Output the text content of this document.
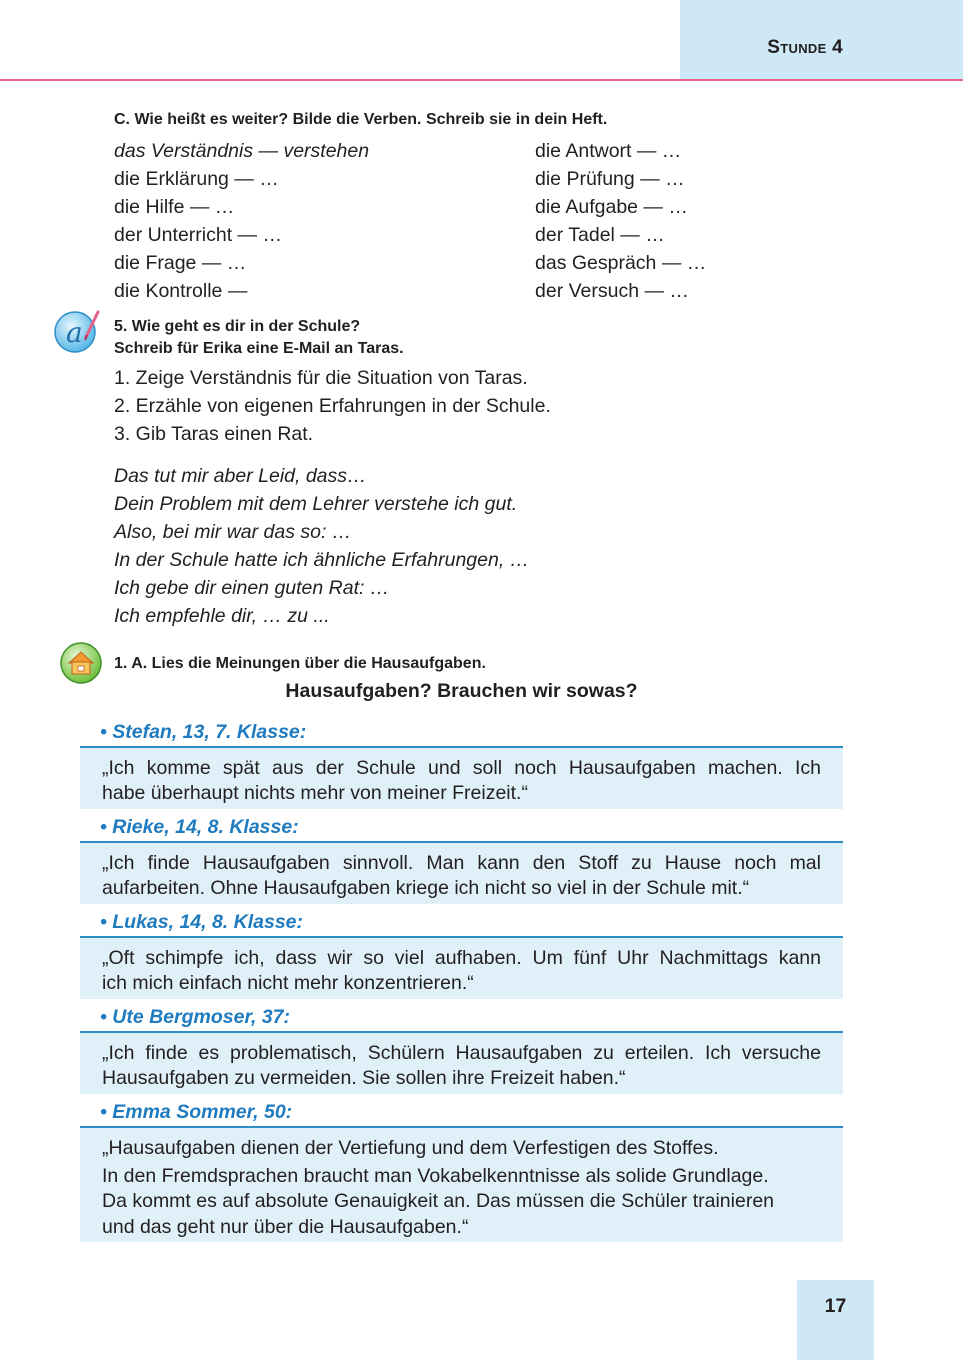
Stunde 4
C. Wie heißt es weiter? Bilde die Verben. Schreib sie in dein Heft.
das Verständnis — verstehen
die Erklärung — …
die Hilfe — …
der Unterricht — …
die Frage — …
die Kontrolle —
die Antwort — …
die Prüfung — …
die Aufgabe — …
der Tadel — …
das Gespräch — …
der Versuch — …
a 5. Wie geht es dir in der Schule?
Schreib für Erika eine E-Mail an Taras.
1. Zeige Verständnis für die Situation von Taras.
2. Erzähle von eigenen Erfahrungen in der Schule.
3. Gib Taras einen Rat.
Das tut mir aber Leid, dass…
Dein Problem mit dem Lehrer verstehe ich gut.
Also, bei mir war das so: …
In der Schule hatte ich ähnliche Erfahrungen, …
Ich gebe dir einen guten Rat: …
Ich empfehle dir, … zu ...
1. A. Lies die Meinungen über die Hausaufgaben.
Hausaufgaben? Brauchen wir sowas?
• Stefan, 13, 7. Klasse:
„Ich komme spät aus der Schule und soll noch Hausaufgaben machen. Ich
habe überhaupt nichts mehr von meiner Freizeit.“
• Rieke, 14, 8. Klasse:
„Ich finde Hausaufgaben sinnvoll. Man kann den Stoff zu Hause noch mal
aufarbeiten. Ohne Hausaufgaben kriege ich nicht so viel in der Schule mit.“
• Lukas, 14, 8. Klasse:
„Oft schimpfe ich, dass wir so viel aufhaben. Um fünf Uhr Nachmittags kann
ich mich einfach nicht mehr konzentrieren.“
• Ute Bergmoser, 37:
„Ich finde es problematisch, Schülern Hausaufgaben zu erteilen. Ich versuche
Hausaufgaben zu vermeiden. Sie sollen ihre Freizeit haben.“
• Emma Sommer, 50:
„Hausaufgaben dienen der Vertiefung und dem Verfestigen des Stoffes.
In den Fremdsprachen braucht man Vokabelkenntnisse als solide Grundlage.
Da kommt es auf absolute Genauigkeit an. Das müssen die Schüler trainieren
und das geht nur über die Hausaufgaben.“
17
